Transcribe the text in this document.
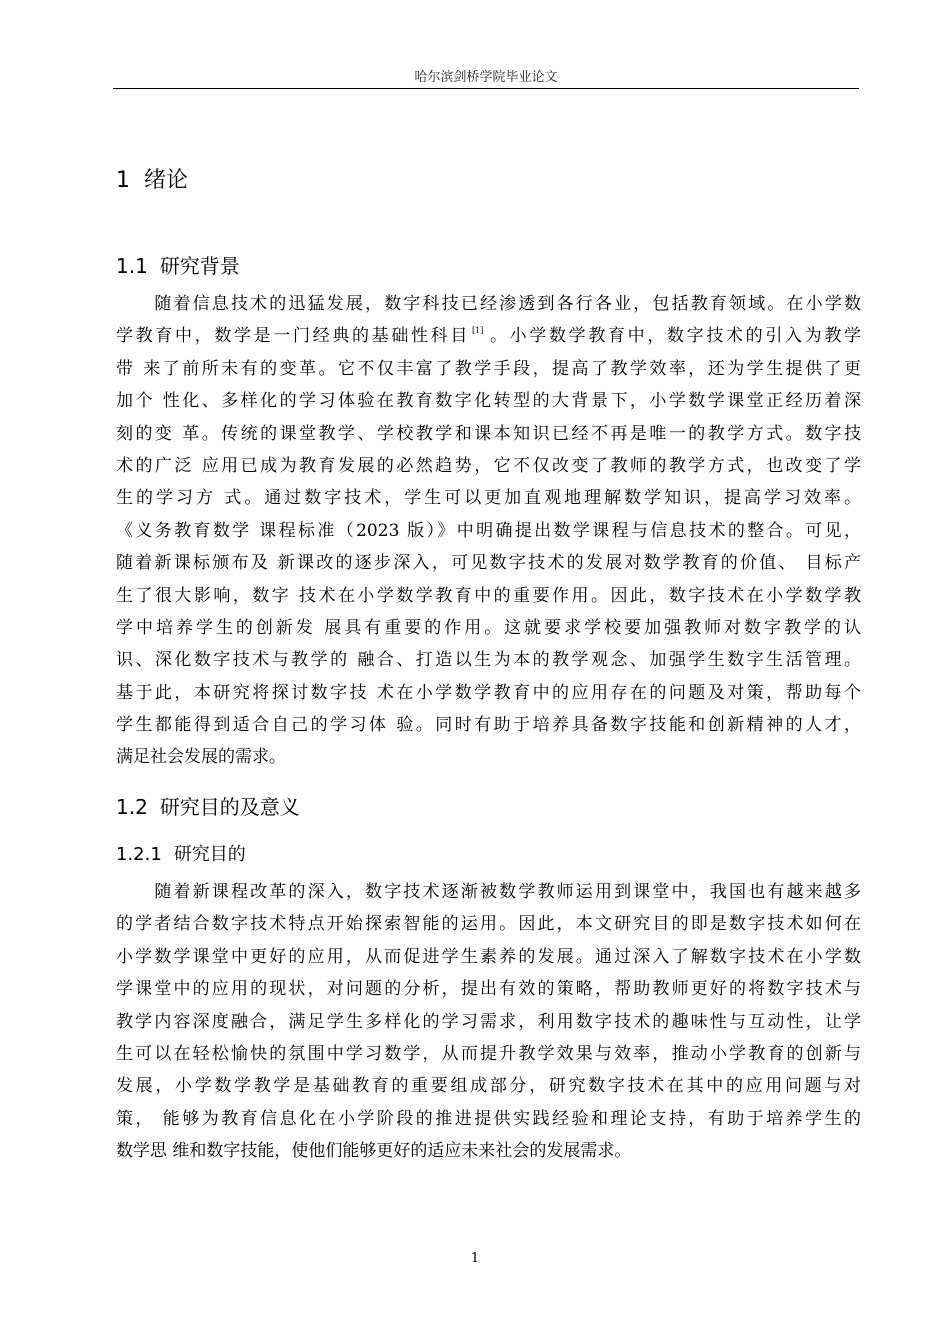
哈尔滨剑桥学院毕业论文
1 绪论
1.1 研究背景
　　随着信息技术的迅猛发展，数字科技已经渗透到各行各业，包括教育领域。在小学数
学教育中，数学是一门经典的基础性科目 [1] 。小学数学教育中，数字技术的引入为教学
带 来了前所未有的变革。它不仅丰富了教学手段，提高了教学效率，还为学生提供了更
加个 性化、多样化的学习体验在教育数字化转型的大背景下，小学数学课堂正经历着深
刻的变 革。传统的课堂教学、学校教学和课本知识已经不再是唯一的教学方式。数字技
术的广泛 应用已成为教育发展的必然趋势，它不仅改变了教师的教学方式，也改变了学
生的学习方 式。通过数字技术，学生可以更加直观地理解数学知识，提高学习效率。
《义务教育数学 课程标准（2023 版）》中明确提出数学课程与信息技术的整合。可见，
随着新课标颁布及 新课改的逐步深入，可见数字技术的发展对数学教育的价值、 目标产
生了很大影响，数字 技术在小学数学教育中的重要作用。因此，数字技术在小学数学教
学中培养学生的创新发 展具有重要的作用。这就要求学校要加强教师对数字教学的认
识、深化数字技术与教学的 融合、打造以生为本的教学观念、加强学生数字生活管理。
基于此，本研究将探讨数字技 术在小学数学教育中的应用存在的问题及对策，帮助每个
学生都能得到适合自己的学习体 验。同时有助于培养具备数字技能和创新精神的人才，
满足社会发展的需求。
1.2 研究目的及意义
1.2.1 研究目的
　　随着新课程改革的深入，数字技术逐渐被数学教师运用到课堂中，我国也有越来越多
的学者结合数字技术特点开始探索智能的运用。因此，本文研究目的即是数字技术如何在
小学数学课堂中更好的应用，从而促进学生素养的发展。通过深入了解数字技术在小学数
学课堂中的应用的现状，对问题的分析，提出有效的策略，帮助教师更好的将数字技术与
教学内容深度融合，满足学生多样化的学习需求，利用数字技术的趣味性与互动性，让学
生可以在轻松愉快的氛围中学习数学，从而提升教学效果与效率，推动小学教育的创新与
发展，小学数学教学是基础教育的重要组成部分，研究数字技术在其中的应用问题与对
策， 能够为教育信息化在小学阶段的推进提供实践经验和理论支持，有助于培养学生的
数学思 维和数字技能，使他们能够更好的适应未来社会的发展需求。
1
